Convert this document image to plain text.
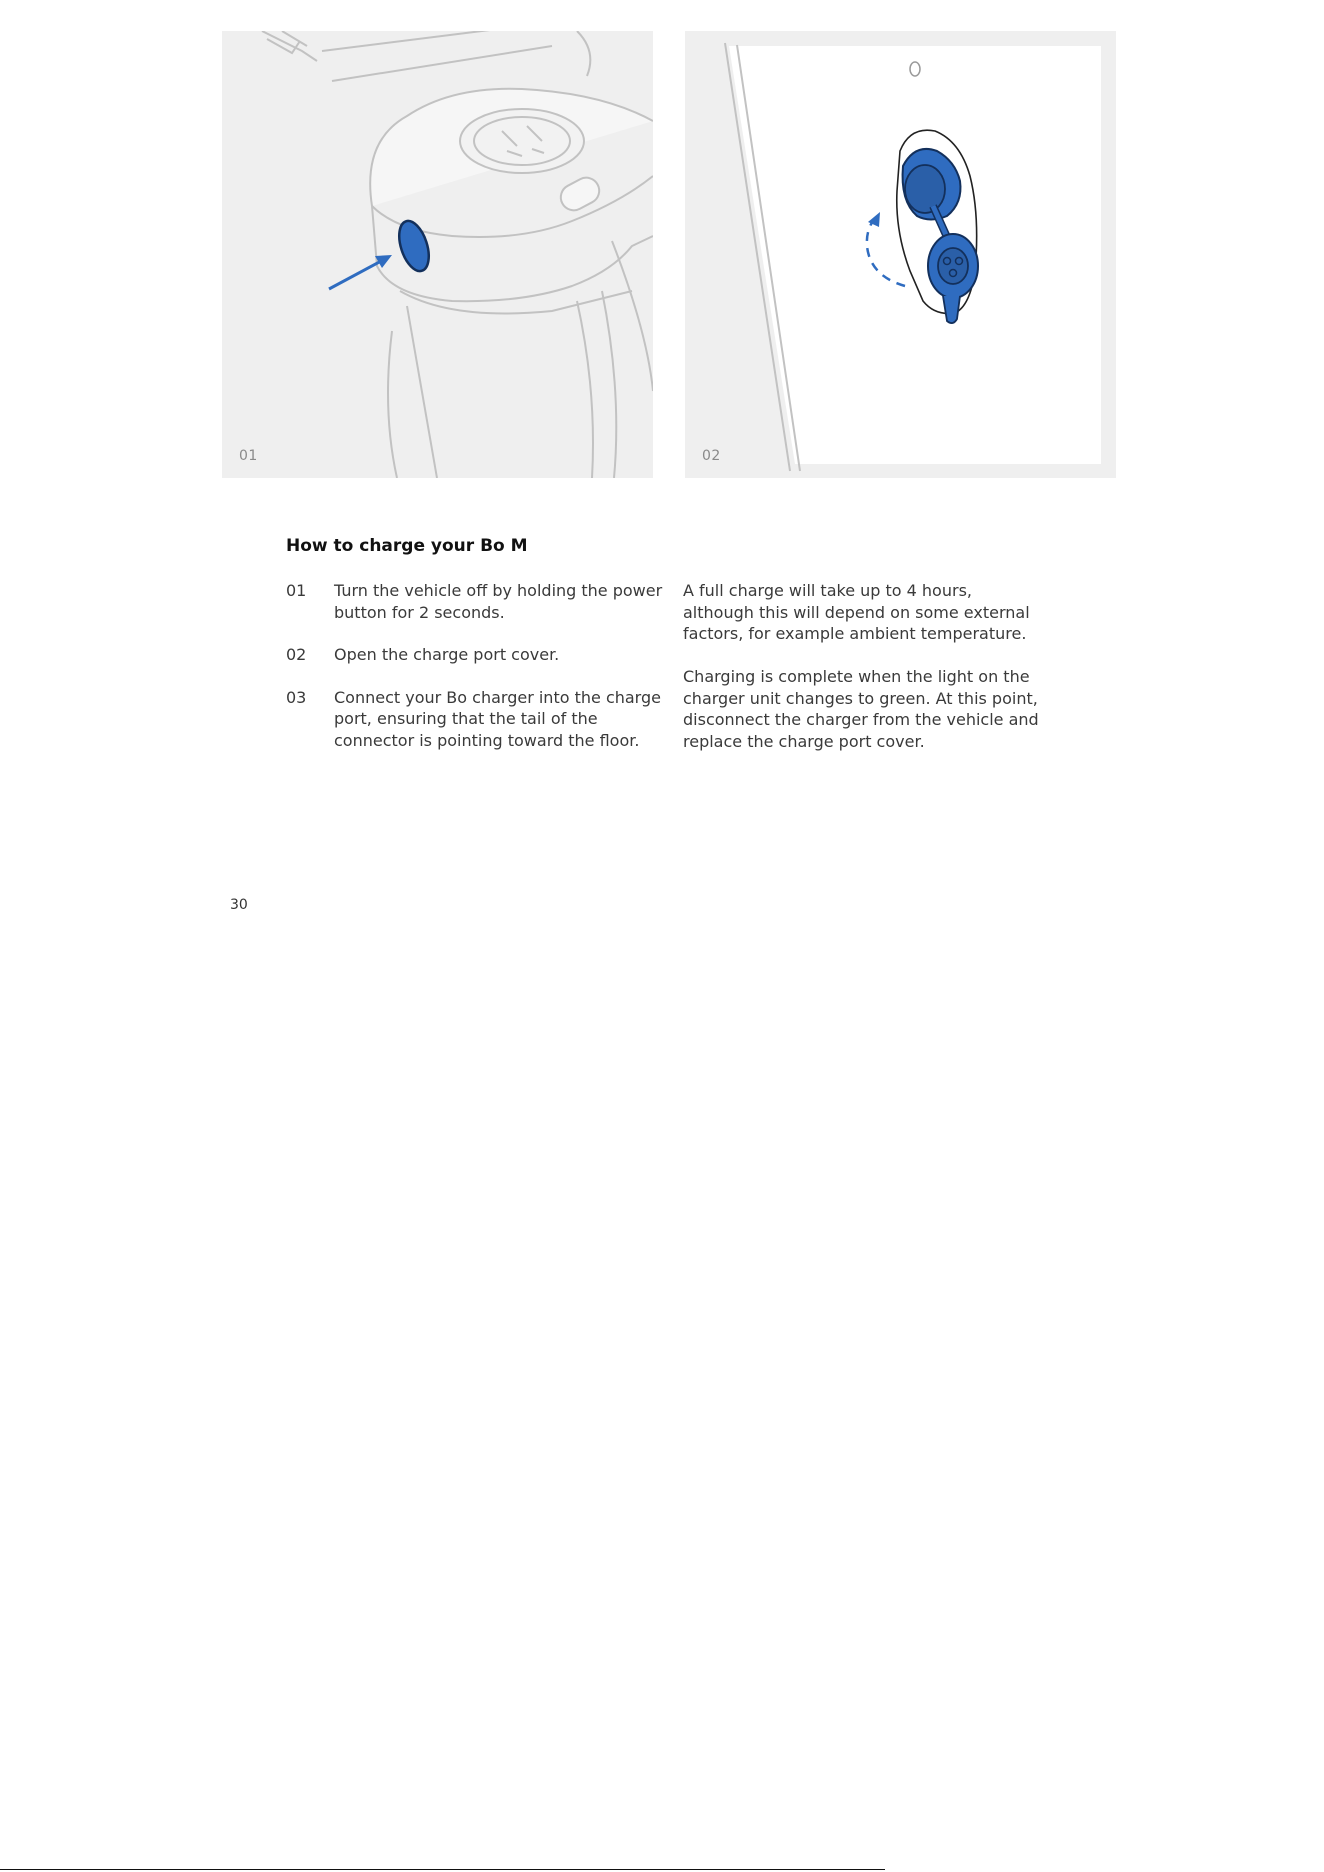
01	02
How to charge your Bo M
01	Turn the vehicle off by holding the power button for 2 seconds.
02	Open the charge port cover.
03	Connect your Bo charger into the charge port, ensuring that the tail of the connector is pointing toward the floor.

A full charge will take up to 4 hours, although this will depend on some external factors, for example ambient temperature.

Charging is complete when the light on the charger unit changes to green. At this point, disconnect the charger from the vehicle and replace the charge port cover.

30
